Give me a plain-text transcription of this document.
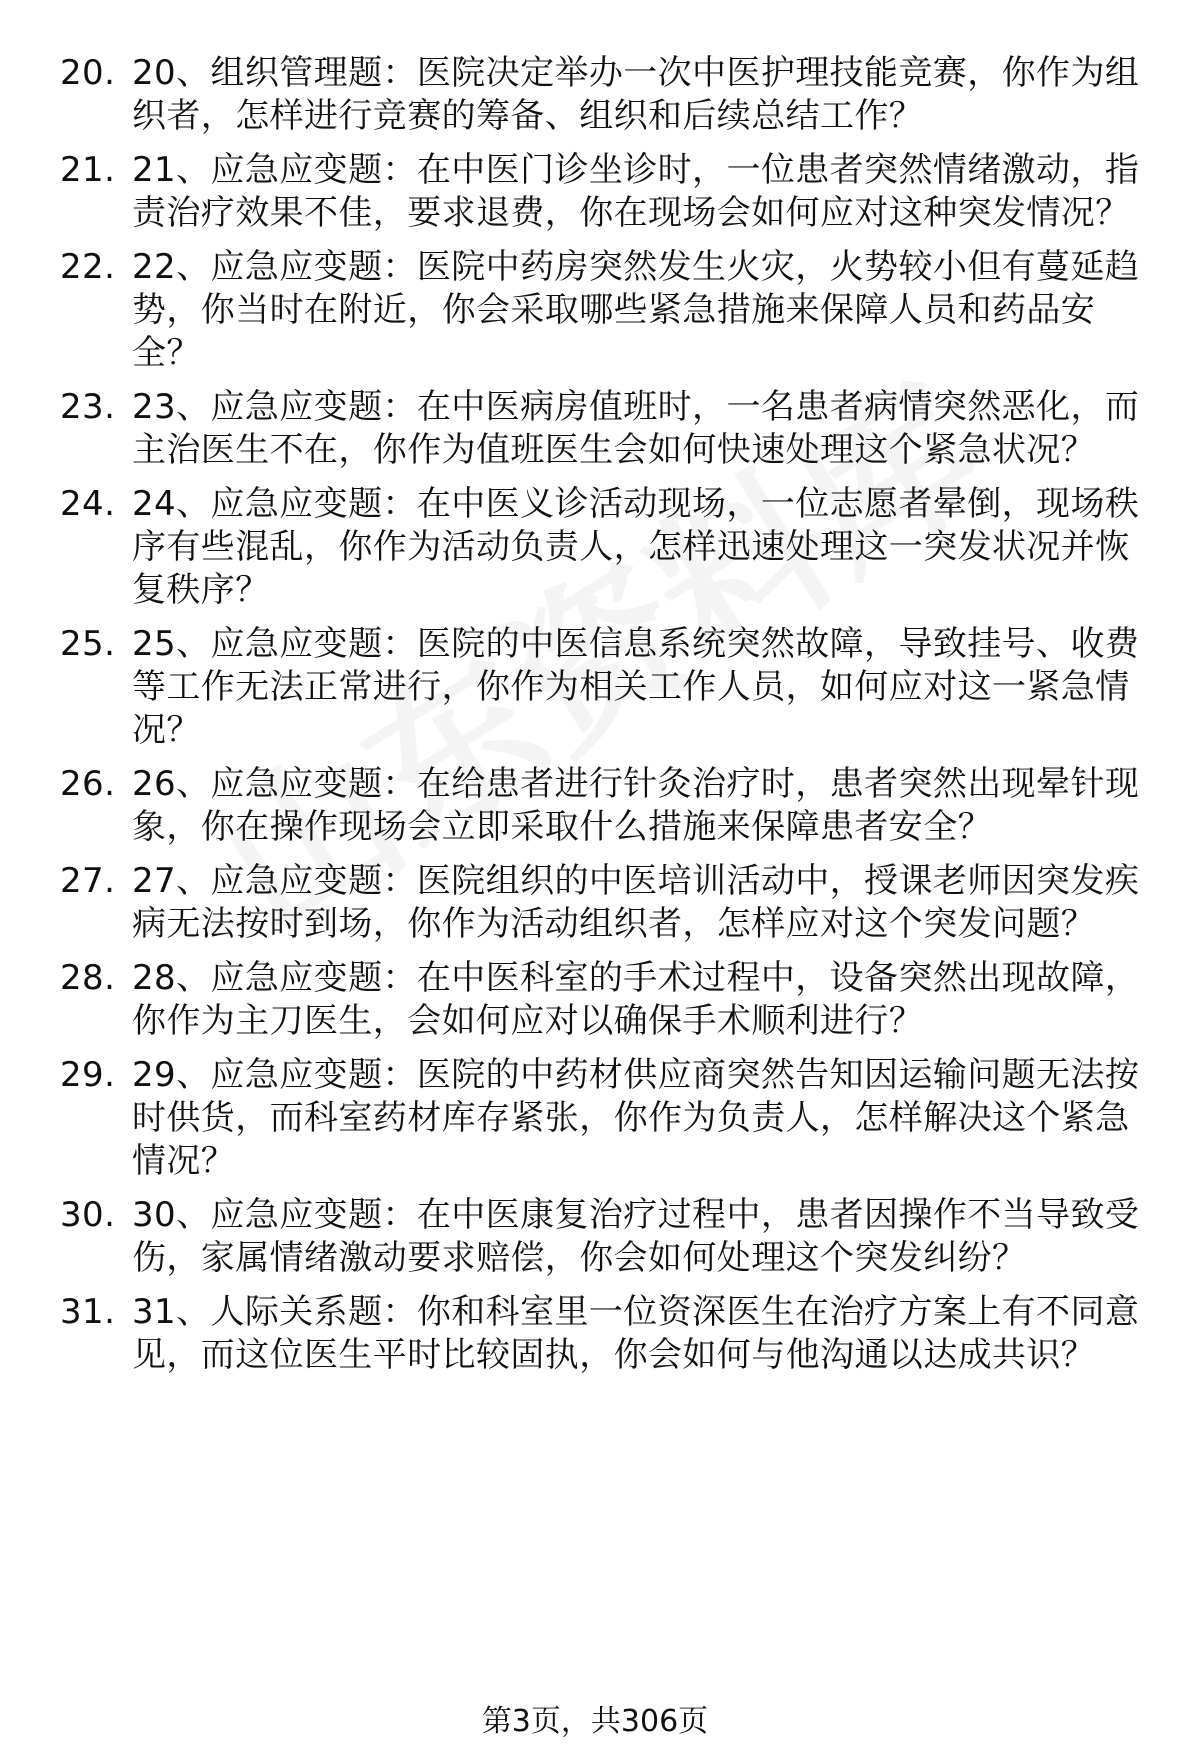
20. 20、组织管理题：医院决定举办一次中医护理技能竞赛，你作为组织者，怎样进行竞赛的筹备、组织和后续总结工作？
21. 21、应急应变题：在中医门诊坐诊时，一位患者突然情绪激动，指责治疗效果不佳，要求退费，你在现场会如何应对这种突发情况？
22. 22、应急应变题：医院中药房突然发生火灾，火势较小但有蔓延趋势，你当时在附近，你会采取哪些紧急措施来保障人员和药品安全？
23. 23、应急应变题：在中医病房值班时，一名患者病情突然恶化，而主治医生不在，你作为值班医生会如何快速处理这个紧急状况？
24. 24、应急应变题：在中医义诊活动现场，一位志愿者晕倒，现场秩序有些混乱，你作为活动负责人，怎样迅速处理这一突发状况并恢复秩序？
25. 25、应急应变题：医院的中医信息系统突然故障，导致挂号、收费等工作无法正常进行，你作为相关工作人员，如何应对这一紧急情况？
26. 26、应急应变题：在给患者进行针灸治疗时，患者突然出现晕针现象，你在操作现场会立即采取什么措施来保障患者安全？
27. 27、应急应变题：医院组织的中医培训活动中，授课老师因突发疾病无法按时到场，你作为活动组织者，怎样应对这个突发问题？
28. 28、应急应变题：在中医科室的手术过程中，设备突然出现故障，你作为主刀医生，会如何应对以确保手术顺利进行？
29. 29、应急应变题：医院的中药材供应商突然告知因运输问题无法按时供货，而科室药材库存紧张，你作为负责人，怎样解决这个紧急情况？
30. 30、应急应变题：在中医康复治疗过程中，患者因操作不当导致受伤，家属情绪激动要求赔偿，你会如何处理这个突发纠纷？
31. 31、人际关系题：你和科室里一位资深医生在治疗方案上有不同意见，而这位医生平时比较固执，你会如何与他沟通以达成共识？
第3页，共306页
